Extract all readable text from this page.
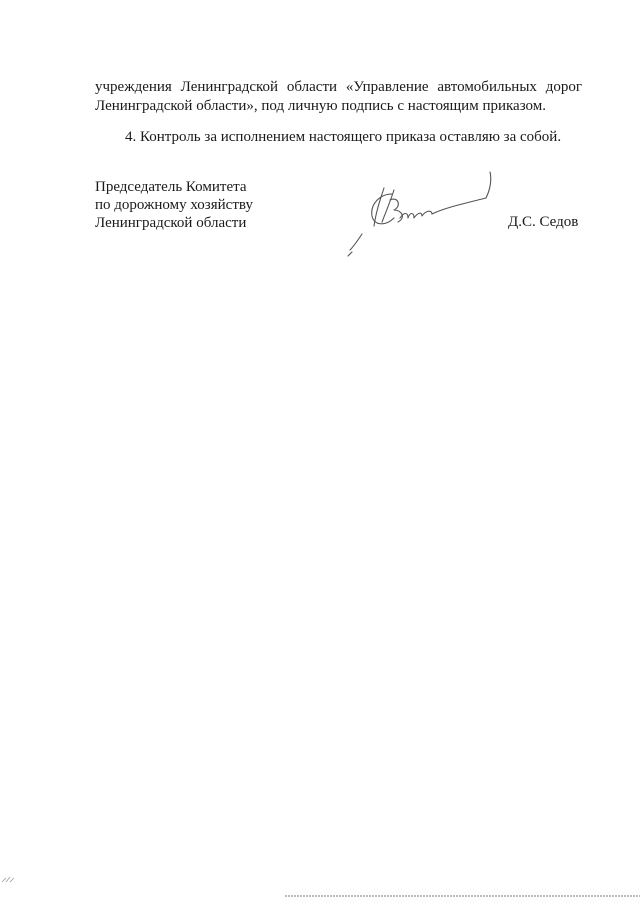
учреждения Ленинградской области «Управление автомобильных дорог
Ленинградской области», под личную подпись с настоящим приказом.
4. Контроль за исполнением настоящего приказа оставляю за собой.
Председатель Комитета
по дорожному хозяйству
Ленинградской области	Д.С. Седов
